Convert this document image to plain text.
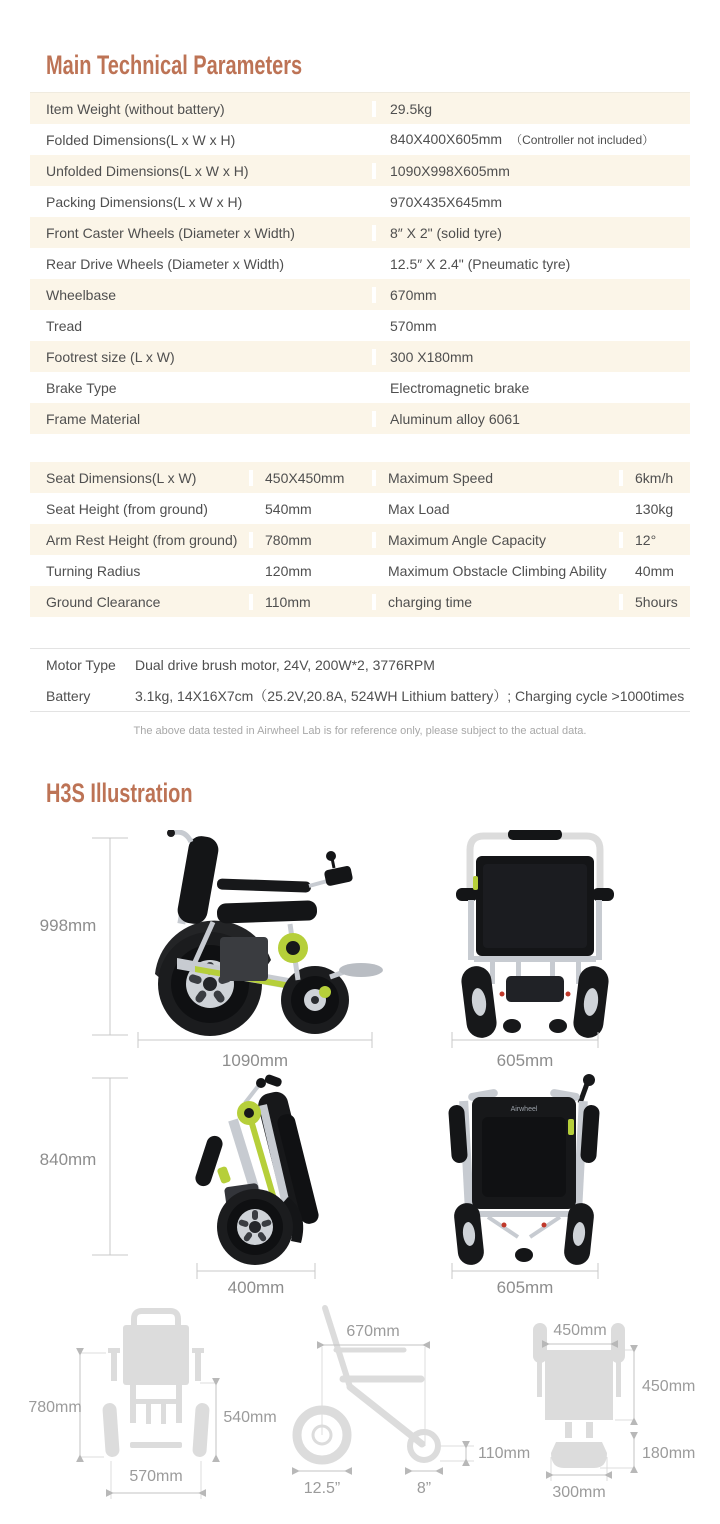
Main Technical Parameters
Item Weight (without battery)	29.5kg
Folded Dimensions(L x W x H)	840X400X605mm （Controller not included）
Unfolded Dimensions(L x W x H)	1090X998X605mm
Packing Dimensions(L x W x H)	970X435X645mm
Front Caster Wheels (Diameter x Width)	8″ X 2" (solid tyre)
Rear Drive Wheels (Diameter x Width)	12.5″ X 2.4" (Pneumatic tyre)
Wheelbase	670mm
Tread	570mm
Footrest size (L x W)	300 X180mm
Brake Type	Electromagnetic brake
Frame Material	Aluminum alloy 6061
Seat Dimensions(L x W)	450X450mm	Maximum Speed	6km/h
Seat Height (from ground)	540mm	Max Load	130kg
Arm Rest Height (from ground)	780mm	Maximum Angle Capacity	12°
Turning Radius	120mm	Maximum Obstacle Climbing Ability	40mm
Ground Clearance	110mm	charging time	5hours
Motor Type	Dual drive brush motor, 24V, 200W*2, 3776RPM
Battery	3.1kg, 14X16X7cm（25.2V,20.8A, 524WH Lithium battery）; Charging cycle >1000times
The above data tested in Airwheel Lab is for reference only, please subject to the actual data.
H3S Illustration
998mm
1090mm	605mm
840mm
Airwheel
400mm	605mm
780mm
540mm
570mm
670mm
110mm
12.5”	8”
450mm
450mm
180mm
300mm
